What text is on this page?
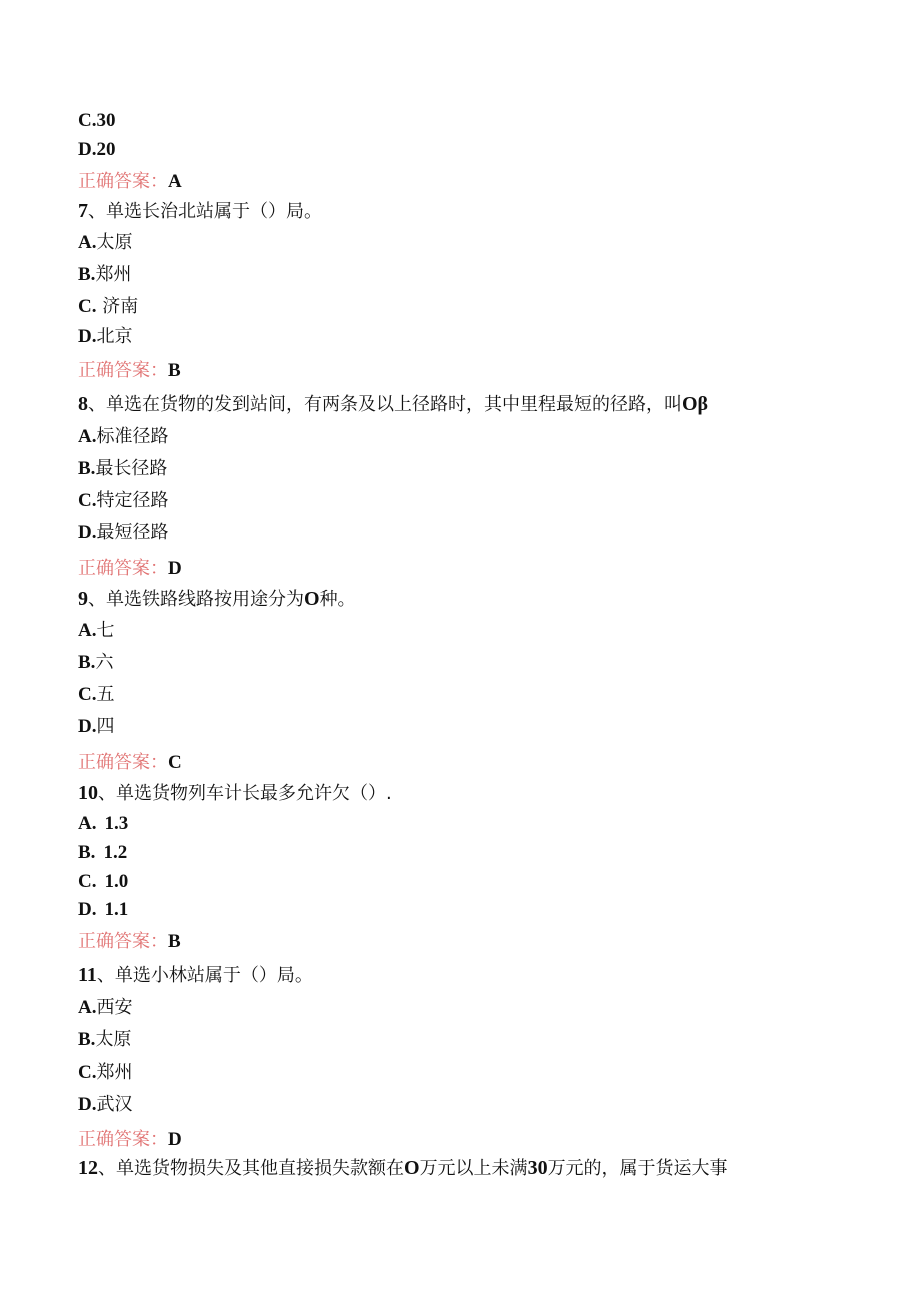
C.30
D.20
正确答案：A
7、单选长治北站属于（）局。
A.太原
B.郑州
C. 济南
D.北京
正确答案：B
8、单选在货物的发到站间，有两条及以上径路时，其中里程最短的径路，叫Oβ
A.标准径路
B.最长径路
C.特定径路
D.最短径路
正确答案：D
9、单选铁路线路按用途分为O种。
A.七
B.六
C.五
D.四
正确答案：C
10、单选货物列车计长最多允许欠（）.
A. 1.3
B. 1.2
C. 1.0
D. 1.1
正确答案：B
11、单选小林站属于（）局。
A.西安
B.太原
C.郑州
D.武汉
正确答案：D
12、单选货物损失及其他直接损失款额在O万元以上未满30万元的，属于货运大事
